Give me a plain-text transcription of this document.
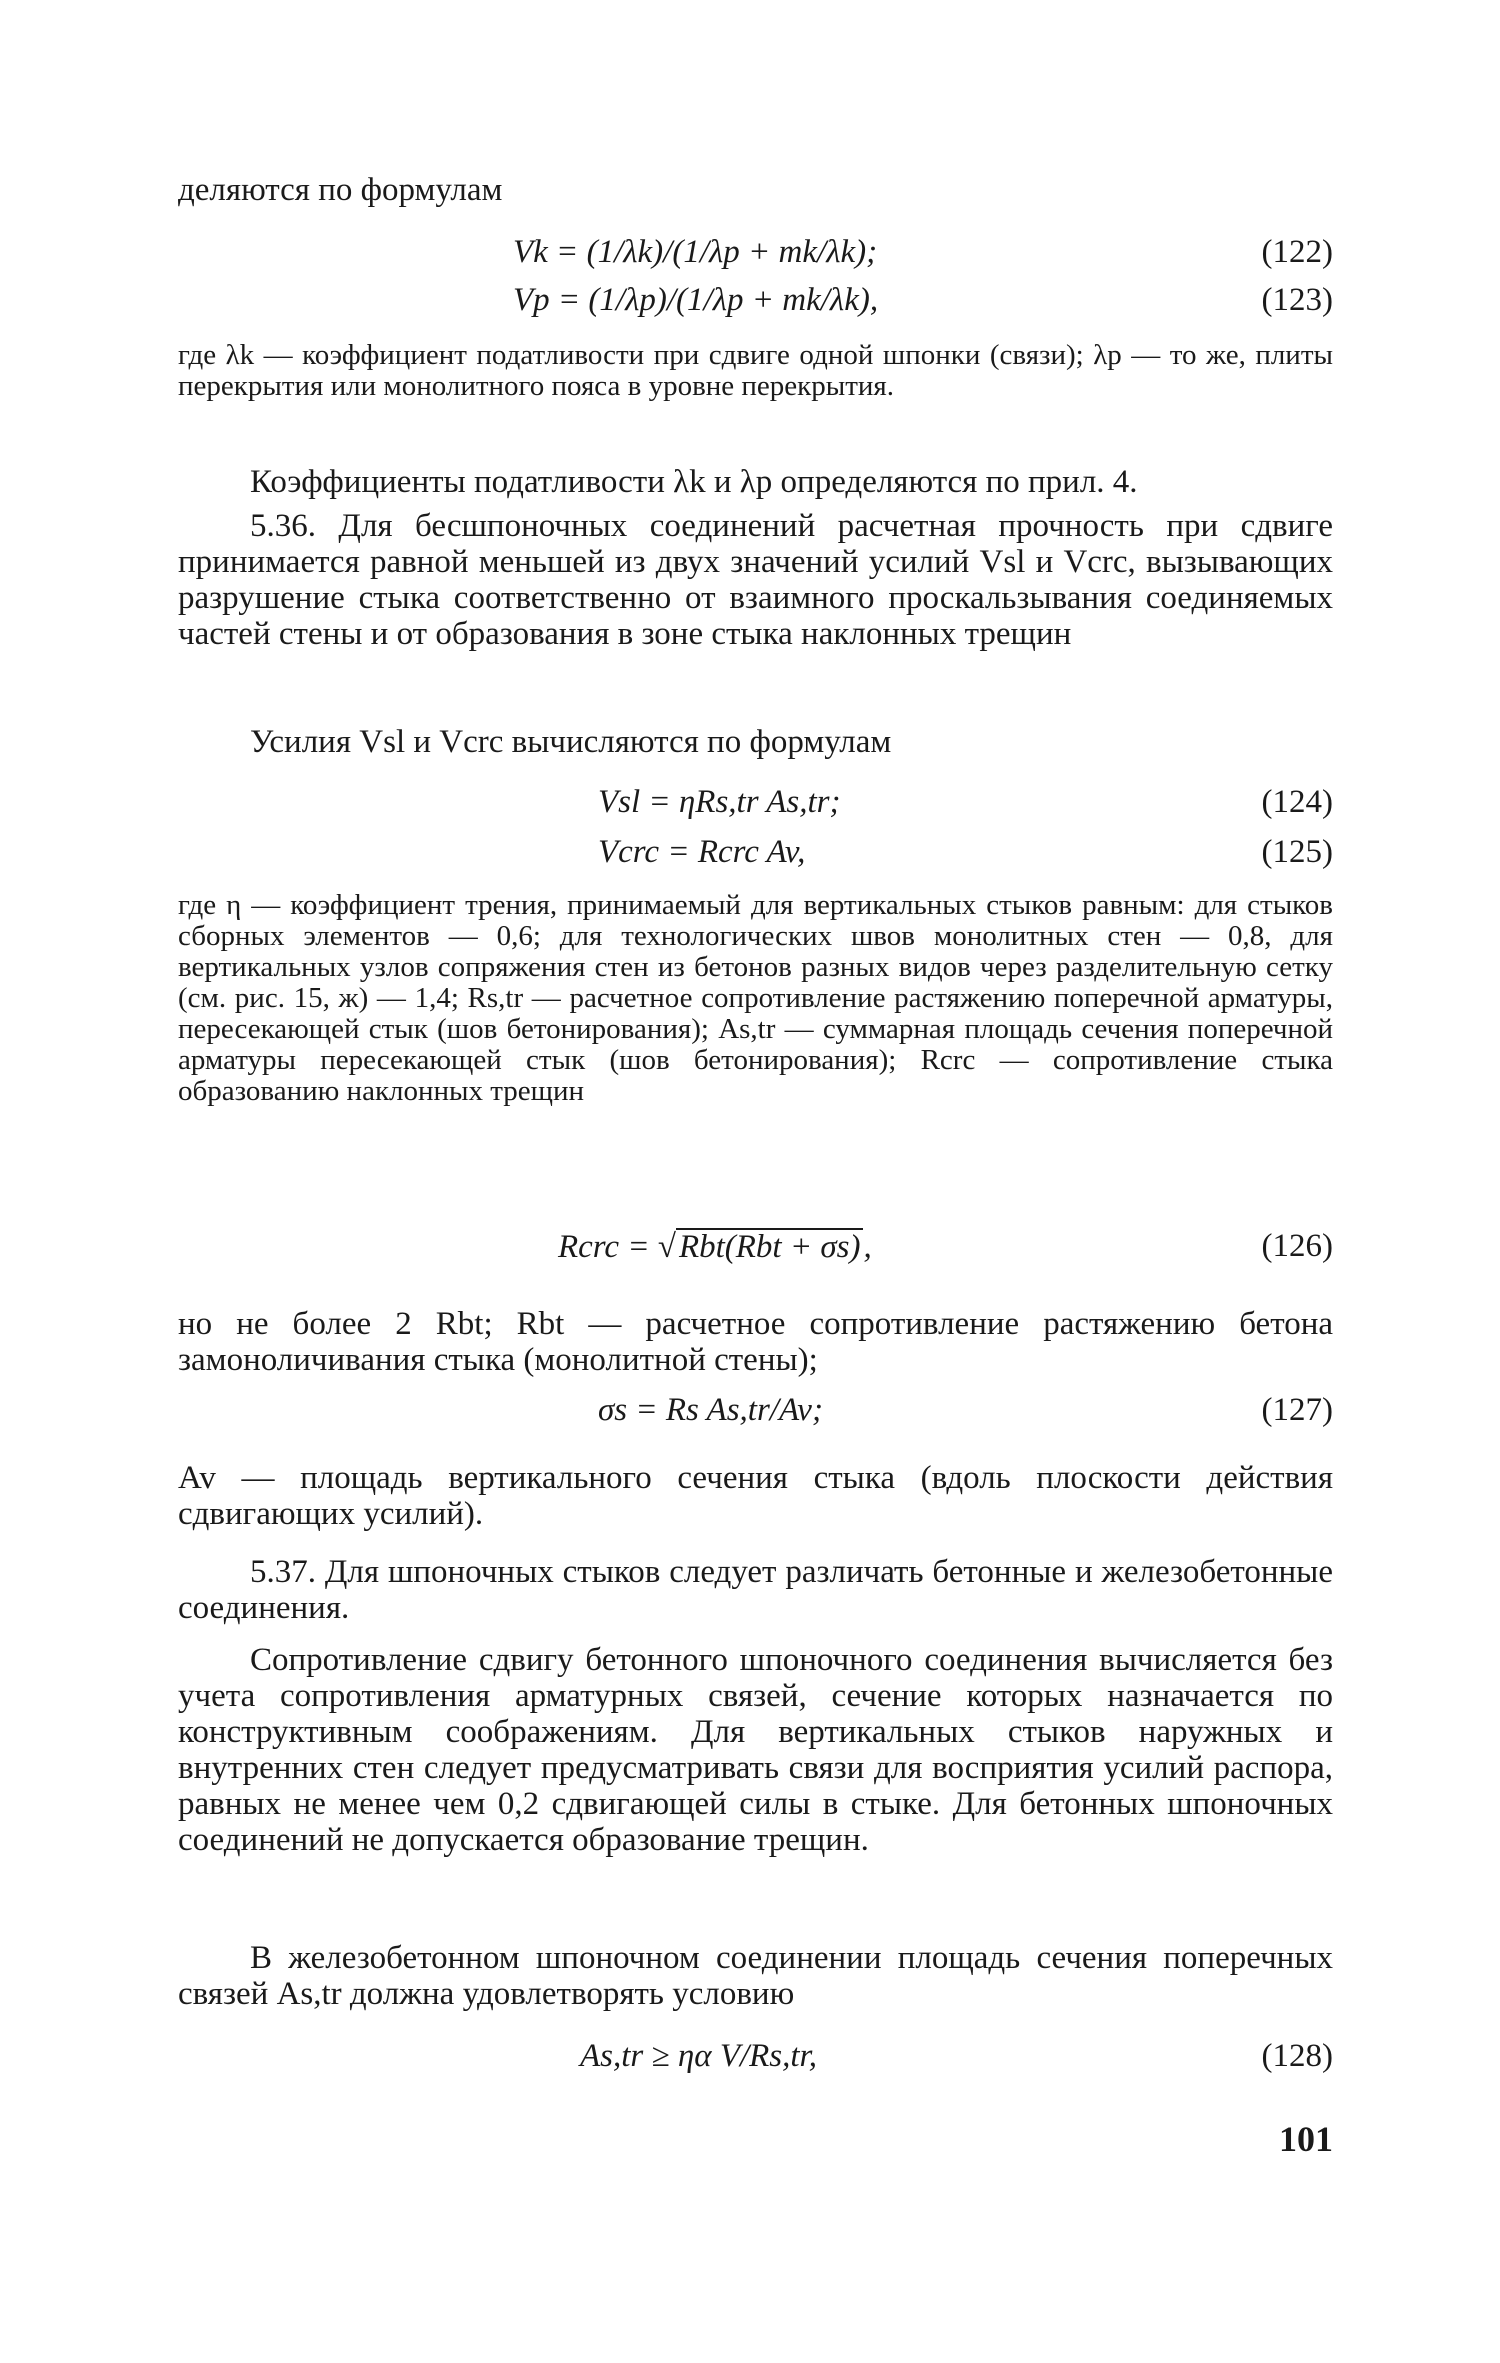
деляются по формулам

Vk = (1/λk)/(1/λp + mk/λk);	(122)
Vp = (1/λp)/(1/λp + mk/λk),	(123)

где λk — коэффициент податливости при сдвиге одной шпонки (связи); λp — то же, плиты перекрытия или монолитного пояса в уровне перекрытия.

Коэффициенты податливости λk и λp определяются по прил. 4.

5.36. Для бесшпоночных соединений расчетная прочность при сдвиге принимается равной меньшей из двух значений усилий Vsl и Vcrc, вызывающих разрушение стыка соответственно от взаимного проскальзывания соединяемых частей стены и от образования в зоне стыка наклонных трещин

Усилия Vsl и Vcrc вычисляются по формулам

Vsl = ηRs,tr As,tr;	(124)
Vcrc = Rcrc Av,	(125)

где η — коэффициент трения, принимаемый для вертикальных стыков равным: для стыков сборных элементов — 0,6; для технологических швов монолитных стен — 0,8, для вертикальных узлов сопряжения стен из бетонов разных видов через разделительную сетку (см. рис. 15, ж) — 1,4; Rs,tr — расчетное сопротивление растяжению поперечной арматуры, пересекающей стык (шов бетонирования); As,tr — суммарная площадь сечения поперечной арматуры пересекающей стык (шов бетонирования); Rcrc — сопротивление стыка образованию наклонных трещин

Rcrc = √Rbt(Rbt + σs),	(126)

но не более 2 Rbt; Rbt — расчетное сопротивление растяжению бетона замоноличивания стыка (монолитной стены);

σs = Rs As,tr/Av;	(127)

Av — площадь вертикального сечения стыка (вдоль плоскости действия сдвигающих усилий).

5.37. Для шпоночных стыков следует различать бетонные и железобетонные соединения.

Сопротивление сдвигу бетонного шпоночного соединения вычисляется без учета сопротивления арматурных связей, сечение которых назначается по конструктивным соображениям. Для вертикальных стыков наружных и внутренних стен следует предусматривать связи для восприятия усилий распора, равных не менее чем 0,2 сдвигающей силы в стыке. Для бетонных шпоночных соединений не допускается образование трещин.

В железобетонном шпоночном соединении площадь сечения поперечных связей As,tr должна удовлетворять условию

As,tr ≥ ηα V/Rs,tr,	(128)
101
